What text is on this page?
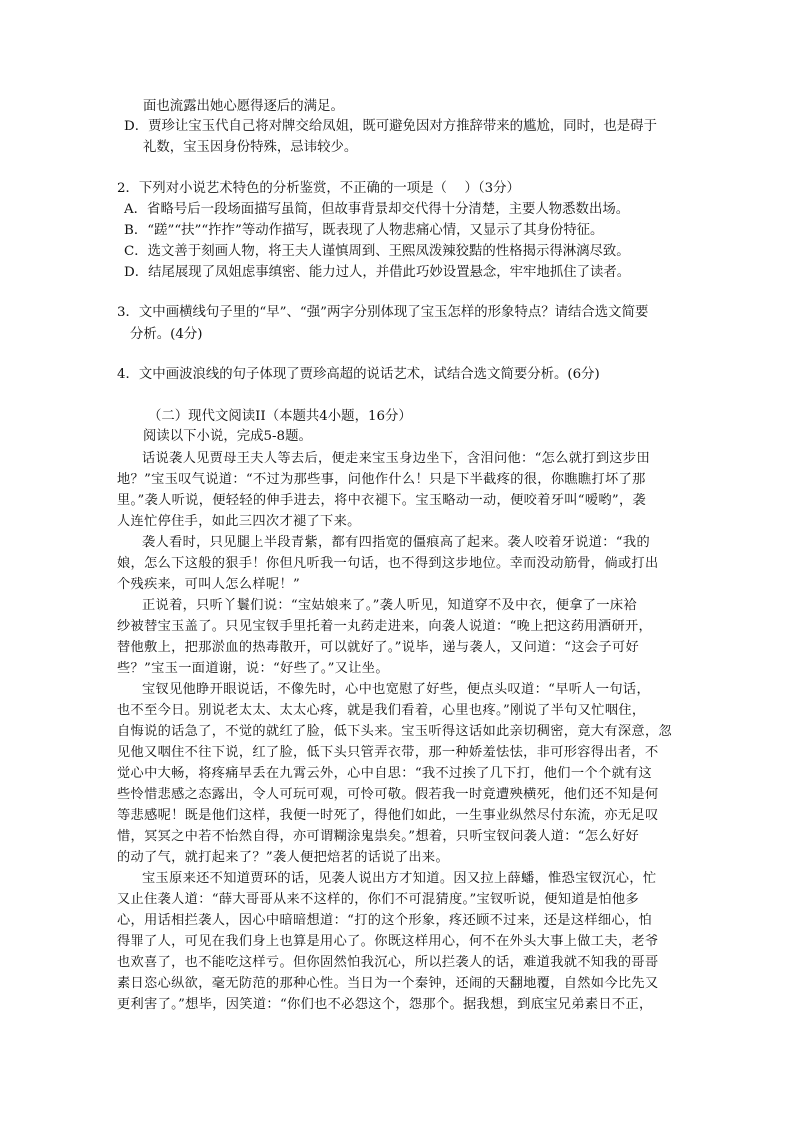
面也流露出她心愿得逐后的满足。
D．贾珍让宝玉代自己将对牌交给凤姐，既可避免因对方推辞带来的尴尬，同时，也是碍于
礼数，宝玉因身份特殊，忌讳较少。
2．下列对小说艺术特色的分析鉴赏，不正确的一项是（　 ）（3分）
A．省略号后一段场面描写虽简，但故事背景却交代得十分清楚，主要人物悉数出场。
B．“蹉”“扶”“拃拃”等动作描写，既表现了人物悲痛心情，又显示了其身份特征。
C．选文善于刻画人物，将王夫人谨慎周到、王熙凤泼辣狡黠的性格揭示得淋漓尽致。
D．结尾展现了凤姐虑事缜密、能力过人，并借此巧妙设置悬念，牢牢地抓住了读者。
3．文中画横线句子里的“早”、“强”两字分别体现了宝玉怎样的形象特点？请结合选文简要
分析。(4分)
4．文中画波浪线的句子体现了贾珍高超的说话艺术，试结合选文简要分析。(6分)
（二）现代文阅读II（本题共4小题，16分）
阅读以下小说，完成5-8题。
话说袭人见贾母王夫人等去后，便走来宝玉身边坐下，含泪问他：“怎么就打到这步田
地？”宝玉叹气说道：“不过为那些事，问他作什么！只是下半截疼的很，你瞧瞧打坏了那
里。”袭人听说，便轻轻的伸手进去，将中衣褪下。宝玉略动一动，便咬着牙叫“嗳哟”，袭
人连忙停住手，如此三四次才褪了下来。
袭人看时，只见腿上半段青紫，都有四指宽的僵痕高了起来。袭人咬着牙说道：“我的
娘，怎么下这般的狠手！你但凡听我一句话，也不得到这步地位。幸而没动筋骨，倘或打出
个残疾来，可叫人怎么样呢！”
正说着，只听丫鬟们说：“宝姑娘来了。”袭人听见，知道穿不及中衣，便拿了一床袷
纱被替宝玉盖了。只见宝钗手里托着一丸药走进来，向袭人说道：“晚上把这药用酒研开，
替他敷上，把那淤血的热毒散开，可以就好了。”说毕，递与袭人，又问道：“这会子可好
些？”宝玉一面道谢，说：“好些了。”又让坐。
宝钗见他睁开眼说话，不像先时，心中也宽慰了好些，便点头叹道：“早听人一句话，
也不至今日。别说老太太、太太心疼，就是我们看着，心里也疼。”刚说了半句又忙咽住，
自悔说的话急了，不觉的就红了脸，低下头来。宝玉听得这话如此亲切稠密，竟大有深意，忽
见他又咽住不往下说，红了脸，低下头只管弄衣带，那一种娇羞怯怯，非可形容得出者，不
觉心中大畅，将疼痛早丢在九霄云外，心中自思：“我不过挨了几下打，他们一个个就有这
些怜惜悲感之态露出，令人可玩可观，可怜可敬。假若我一时竟遭殃横死，他们还不知是何
等悲感呢！既是他们这样，我便一时死了，得他们如此，一生事业纵然尽付东流，亦无足叹
惜，冥冥之中若不怡然自得，亦可谓糊涂鬼祟矣。”想着，只听宝钗问袭人道：“怎么好好
的动了气，就打起来了？”袭人便把焙茗的话说了出来。
宝玉原来还不知道贾环的话，见袭人说出方才知道。因又拉上薛蟠，惟恐宝钗沉心，忙
又止住袭人道：“薛大哥哥从来不这样的，你们不可混猜度。”宝钗听说，便知道是怕他多
心，用话相拦袭人，因心中暗暗想道：“打的这个形象，疼还顾不过来，还是这样细心，怕
得罪了人，可见在我们身上也算是用心了。你既这样用心，何不在外头大事上做工夫，老爷
也欢喜了，也不能吃这样亏。但你固然怕我沉心，所以拦袭人的话，难道我就不知我的哥哥
素日恣心纵欲，毫无防范的那种心性。当日为一个秦钟，还闹的天翻地覆，自然如今比先又
更利害了。”想毕，因笑道：“你们也不必怨这个，怨那个。据我想，到底宝兄弟素日不正，
